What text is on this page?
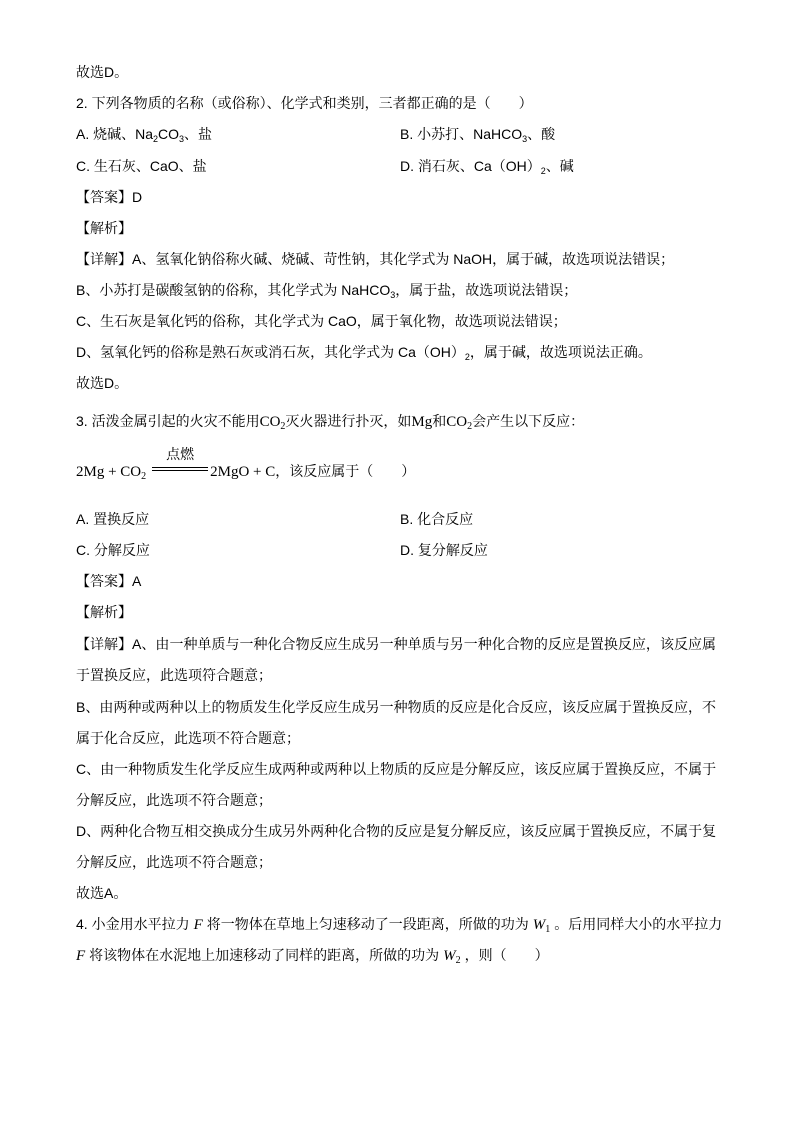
故选D。
2. 下列各物质的名称（或俗称）、化学式和类别，三者都正确的是（　　）
A. 烧碱、$Na_2CO_3$、盐	B. 小苏打、NaHCO$_3$、酸
C. 生石灰、CaO、盐	D. 消石灰、$Ca(OH)_2$、碱
【答案】D
【解析】
【详解】A、氢氧化钠俗称火碱、烧碱、苛性钠，其化学式为 NaOH，属于碱，故选项说法错误；
B、小苏打是碳酸氢钠的俗称，其化学式为 NaHCO$_3$，属于盐，故选项说法错误；
C、生石灰是氧化钙的俗称，其化学式为 CaO，属于氧化物，故选项说法错误；
D、氢氧化钙的俗称是熟石灰或消石灰，其化学式为 $Ca(OH)_2$，属于碱，故选项说法正确。
故选D。
3. 活泼金属引起的火灾不能用$CO_2$灭火器进行扑灭，如Mg和$CO_2$会产生以下反应：
$2Mg + CO_2$
点燃
2MgO + C，该反应属于（　　）
A. 置换反应	B. 化合反应
C. 分解反应	D. 复分解反应
【答案】A
【解析】
【详解】A、由一种单质与一种化合物反应生成另一种单质与另一种化合物的反应是置换反应，该反应属
于置换反应，此选项符合题意；
B、由两种或两种以上的物质发生化学反应生成另一种物质的反应是化合反应，该反应属于置换反应，不
属于化合反应，此选项不符合题意；
C、由一种物质发生化学反应生成两种或两种以上物质的反应是分解反应，该反应属于置换反应，不属于
分解反应，此选项不符合题意；
D、两种化合物互相交换成分生成另外两种化合物的反应是复分解反应，该反应属于置换反应，不属于复
分解反应，此选项不符合题意；
故选A。
4. 小金用水平拉力 F 将一物体在草地上匀速移动了一段距离，所做的功为 $W_1$ 。后用同样大小的水平拉力
F 将该物体在水泥地上加速移动了同样的距离，所做的功为 $W_2$ ，则（　　）
